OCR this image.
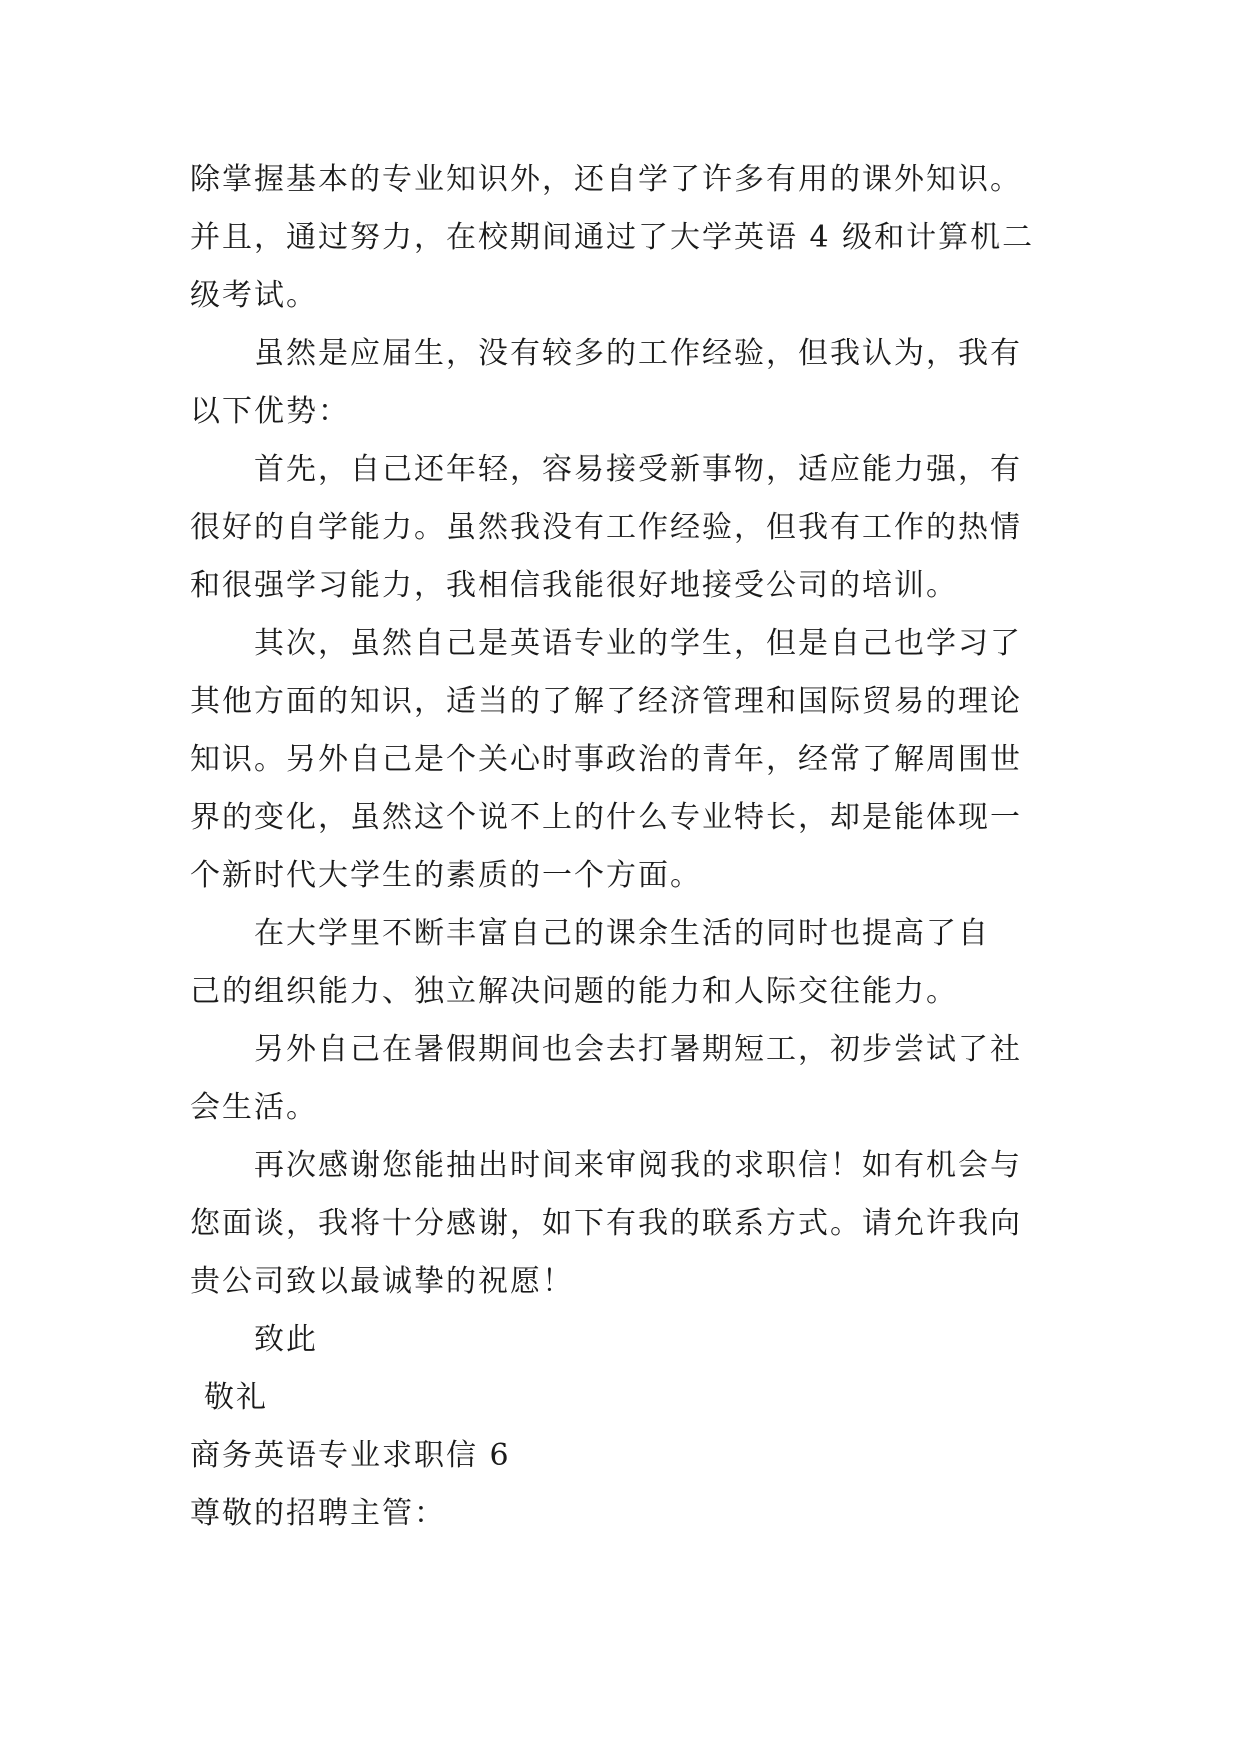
除掌握基本的专业知识外，还自学了许多有用的课外知识。
并且，通过努力，在校期间通过了大学英语 4 级和计算机二
级考试。
虽然是应届生，没有较多的工作经验，但我认为，我有
以下优势：
首先，自己还年轻，容易接受新事物，适应能力强，有
很好的自学能力。虽然我没有工作经验，但我有工作的热情
和很强学习能力，我相信我能很好地接受公司的培训。
其次，虽然自己是英语专业的学生，但是自己也学习了
其他方面的知识，适当的了解了经济管理和国际贸易的理论
知识。另外自己是个关心时事政治的青年，经常了解周围世
界的变化，虽然这个说不上的什么专业特长，却是能体现一
个新时代大学生的素质的一个方面。
在大学里不断丰富自己的课余生活的同时也提高了自
己的组织能力、独立解决问题的能力和人际交往能力。
另外自己在暑假期间也会去打暑期短工，初步尝试了社
会生活。
再次感谢您能抽出时间来审阅我的求职信！如有机会与
您面谈，我将十分感谢，如下有我的联系方式。请允许我向
贵公司致以最诚挚的祝愿！
致此
敬礼
商务英语专业求职信 6
尊敬的招聘主管：
